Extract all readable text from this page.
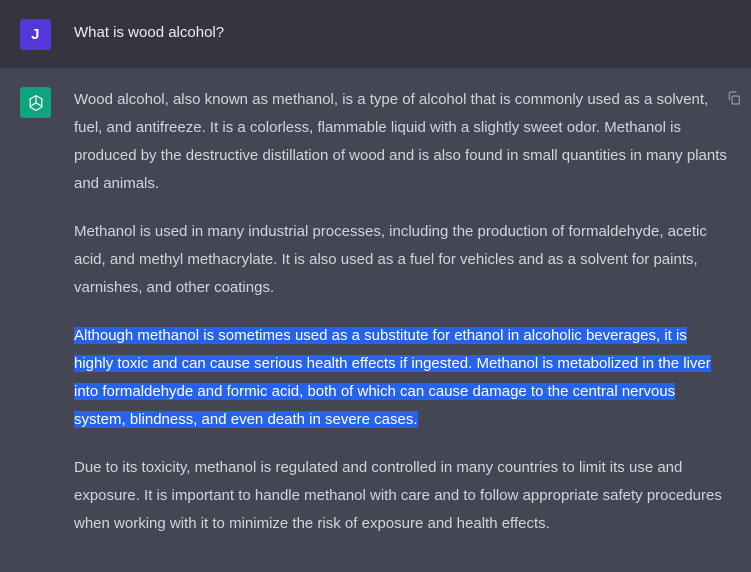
J What is wood alcohol?

Wood alcohol, also known as methanol, is a type of alcohol that is commonly used as a solvent, fuel, and antifreeze. It is a colorless, flammable liquid with a slightly sweet odor. Methanol is produced by the destructive distillation of wood and is also found in small quantities in many plants and animals.

Methanol is used in many industrial processes, including the production of formaldehyde, acetic acid, and methyl methacrylate. It is also used as a fuel for vehicles and as a solvent for paints, varnishes, and other coatings.

Although methanol is sometimes used as a substitute for ethanol in alcoholic beverages, it is highly toxic and can cause serious health effects if ingested. Methanol is metabolized in the liver into formaldehyde and formic acid, both of which can cause damage to the central nervous system, blindness, and even death in severe cases.

Due to its toxicity, methanol is regulated and controlled in many countries to limit its use and exposure. It is important to handle methanol with care and to follow appropriate safety procedures when working with it to minimize the risk of exposure and health effects.
